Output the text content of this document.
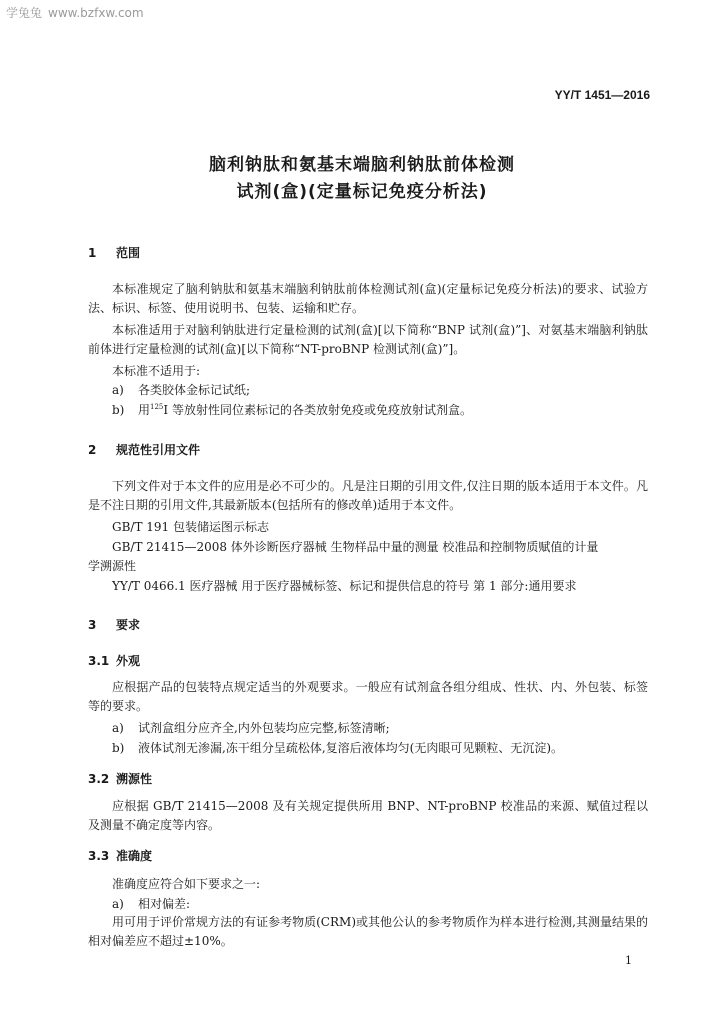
学兔兔 www.bzfxw.com
YY/T 1451—2016
脑利钠肽和氨基末端脑利钠肽前体检测
试剂(盒)(定量标记免疫分析法)
1 范围
本标准规定了脑利钠肽和氨基末端脑利钠肽前体检测试剂(盒)(定量标记免疫分析法)的要求、试验方法、标识、标签、使用说明书、包装、运输和贮存。
本标准适用于对脑利钠肽进行定量检测的试剂(盒)[以下简称“BNP 试剂(盒)”]、对氨基末端脑利钠肽前体进行定量检测的试剂(盒)[以下简称“NT-proBNP 检测试剂(盒)”]。
本标准不适用于:
a) 各类胶体金标记试纸;
b) 用$^{125}$I 等放射性同位素标记的各类放射免疫或免疫放射试剂盒。
2 规范性引用文件
下列文件对于本文件的应用是必不可少的。凡是注日期的引用文件,仅注日期的版本适用于本文件。凡是不注日期的引用文件,其最新版本(包括所有的修改单)适用于本文件。
GB/T 191 包装储运图示标志
GB/T 21415—2008 体外诊断医疗器械 生物样品中量的测量 校准品和控制物质赋值的计量
学溯源性
YY/T 0466.1 医疗器械 用于医疗器械标签、标记和提供信息的符号 第 1 部分:通用要求
3 要求
3.1 外观
应根据产品的包装特点规定适当的外观要求。一般应有试剂盒各组分组成、性状、内、外包装、标签等的要求。
a) 试剂盒组分应齐全,内外包装均应完整,标签清晰;
b) 液体试剂无渗漏,冻干组分呈疏松体,复溶后液体均匀(无肉眼可见颗粒、无沉淀)。
3.2 溯源性
应根据 GB/T 21415—2008 及有关规定提供所用 BNP、NT-proBNP 校准品的来源、赋值过程以及测量不确定度等内容。
3.3 准确度
准确度应符合如下要求之一:
a) 相对偏差:
用可用于评价常规方法的有证参考物质(CRM)或其他公认的参考物质作为样本进行检测,其测量结果的相对偏差应不超过±10%。
1
